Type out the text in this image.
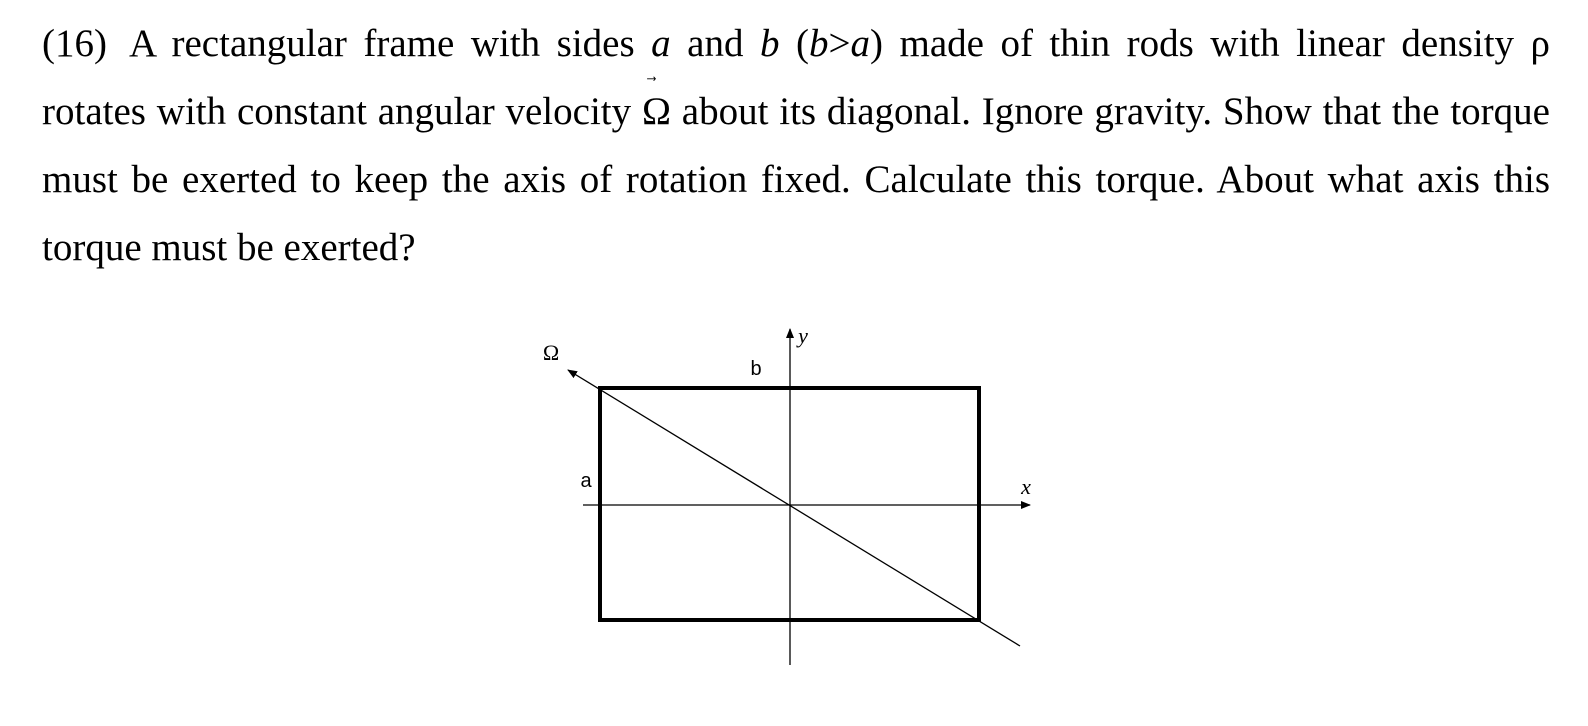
(16) A rectangular frame with sides a and b (b>a) made of thin rods with linear density ρ rotates with constant angular velocity
Ω about its diagonal. Ignore gravity. Show that the torque must be exerted to keep the axis of rotation fixed. Calculate this torque. About what axis this torque must be exerted?
Ω
b
a	x
y
